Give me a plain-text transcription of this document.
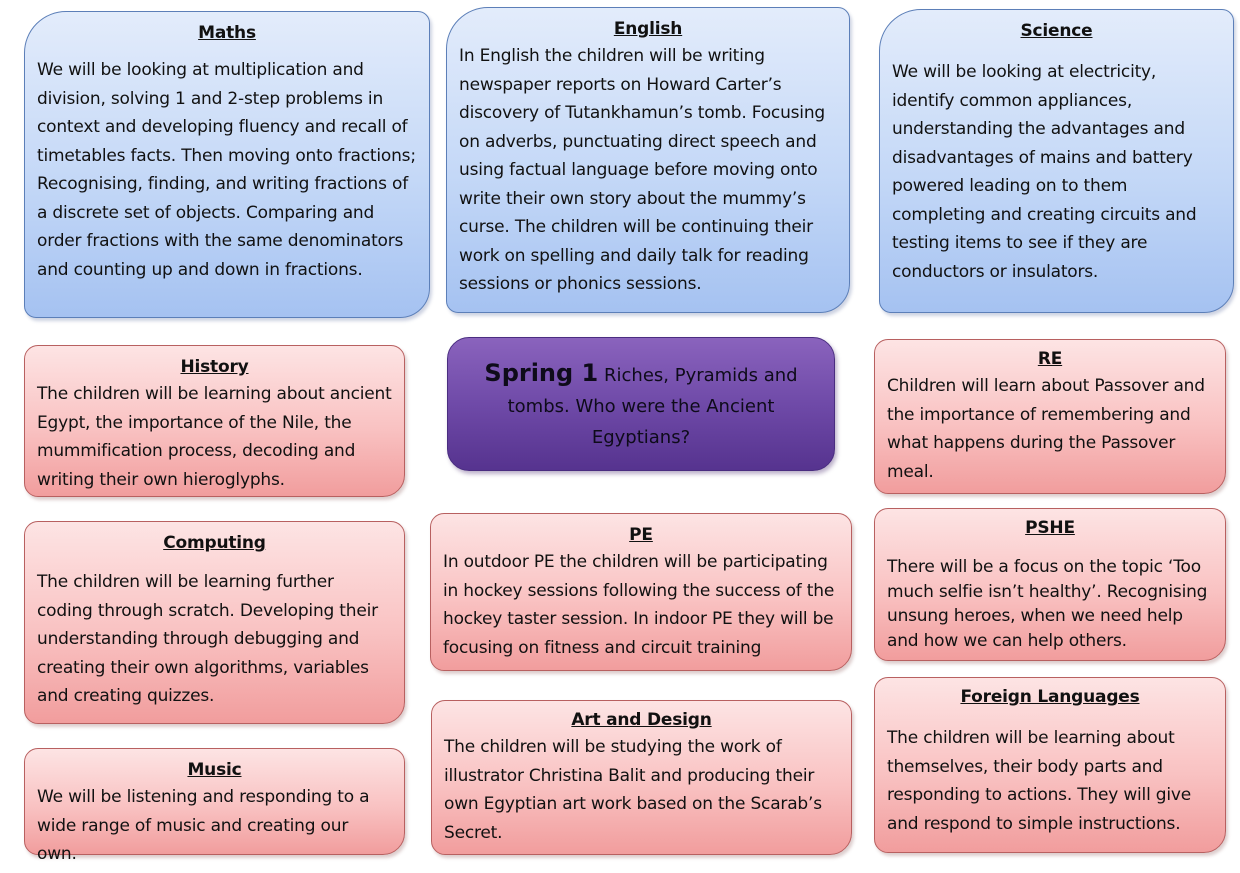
Maths

We will be looking at multiplication and division, solving 1 and 2-step problems in context and developing fluency and recall of timetables facts. Then moving onto fractions; Recognising, finding, and writing fractions of a discrete set of objects. Comparing and order fractions with the same denominators and counting up and down in fractions.

English

In English the children will be writing newspaper reports on Howard Carter’s discovery of Tutankhamun’s tomb. Focusing on adverbs, punctuating direct speech and using factual language before moving onto write their own story about the mummy’s curse. The children will be continuing their work on spelling and daily talk for reading sessions or phonics sessions.

Science

We will be looking at electricity, identify common appliances, understanding the advantages and disadvantages of mains and battery powered leading on to them completing and creating circuits and testing items to see if they are conductors or insulators.

History

The children will be learning about ancient Egypt, the importance of the Nile, the mummification process, decoding and writing their own hieroglyphs.

Spring 1 Riches, Pyramids and tombs. Who were the Ancient Egyptians?

RE

Children will learn about Passover and the importance of remembering and what happens during the Passover meal.

Computing

The children will be learning further coding through scratch. Developing their understanding through debugging and creating their own algorithms, variables and creating quizzes.

PE

In outdoor PE the children will be participating in hockey sessions following the success of the hockey taster session. In indoor PE they will be focusing on fitness and circuit training

PSHE

There will be a focus on the topic ‘Too much selfie isn’t healthy’. Recognising unsung heroes, when we need help and how we can help others.

Music

We will be listening and responding to a wide range of music and creating our own.

Art and Design

The children will be studying the work of illustrator Christina Balit and producing their own Egyptian art work based on the Scarab’s Secret.

Foreign Languages

The children will be learning about themselves, their body parts and responding to actions. They will give and respond to simple instructions.
